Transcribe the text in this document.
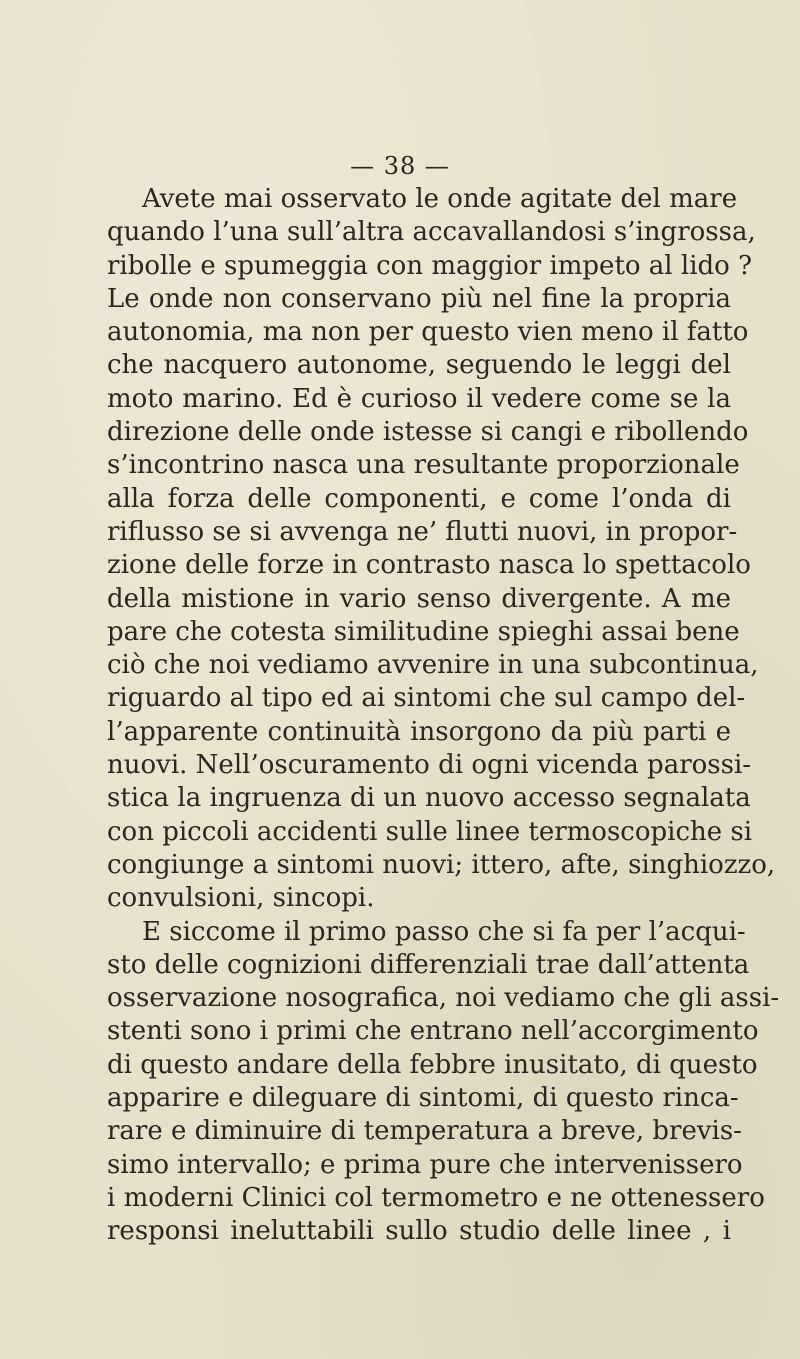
— 38 —
Avete mai osservato le onde agitate del mare
quando l’una sull’altra accavallandosi s’ingrossa,
ribolle e spumeggia con maggior impeto al lido ?
Le onde non conservano più nel fine la propria
autonomia, ma non per questo vien meno il fatto
che nacquero autonome, seguendo le leggi del
moto marino. Ed è curioso il vedere come se la
direzione delle onde istesse si cangi e ribollendo
s’incontrino nasca una resultante proporzionale
alla forza delle componenti, e come l’onda di
riflusso se si avvenga ne’ flutti nuovi, in propor-
zione delle forze in contrasto nasca lo spettacolo
della mistione in vario senso divergente. A me
pare che cotesta similitudine spieghi assai bene
ciò che noi vediamo avvenire in una subcontinua,
riguardo al tipo ed ai sintomi che sul campo del-
l’apparente continuità insorgono da più parti e
nuovi. Nell’oscuramento di ogni vicenda parossi-
stica la ingruenza di un nuovo accesso segnalata
con piccoli accidenti sulle linee termoscopiche si
congiunge a sintomi nuovi; ittero, afte, singhiozzo,
convulsioni, sincopi.
E siccome il primo passo che si fa per l’acqui-
sto delle cognizioni differenziali trae dall’attenta
osservazione nosografica, noi vediamo che gli assi-
stenti sono i primi che entrano nell’accorgimento
di questo andare della febbre inusitato, di questo
apparire e dileguare di sintomi, di questo rinca-
rare e diminuire di temperatura a breve, brevis-
simo intervallo; e prima pure che intervenissero
i moderni Clinici col termometro e ne ottenessero
responsi ineluttabili sullo studio delle linee , i
